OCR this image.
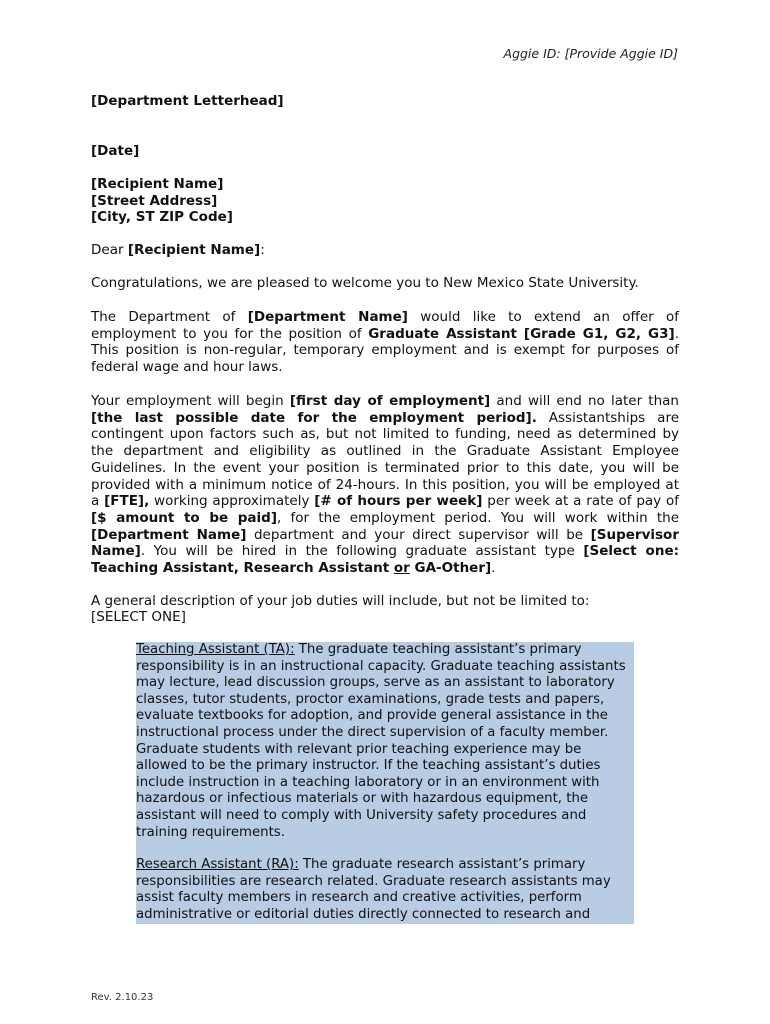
Aggie ID: [Provide Aggie ID]
[Department Letterhead]
[Date]
[Recipient Name]
[Street Address]
[City, ST ZIP Code]
Dear [Recipient Name]:
Congratulations, we are pleased to welcome you to New Mexico State University.
The Department of [Department Name] would like to extend an offer of employment to you for the position of Graduate Assistant [Grade G1, G2, G3]. This position is non-regular, temporary employment and is exempt for purposes of federal wage and hour laws.
Your employment will begin [first day of employment] and will end no later than [the last possible date for the employment period]. Assistantships are contingent upon factors such as, but not limited to funding, need as determined by the department and eligibility as outlined in the Graduate Assistant Employee Guidelines. In the event your position is terminated prior to this date, you will be provided with a minimum notice of 24-hours. In this position, you will be employed at a [FTE], working approximately [# of hours per week] per week at a rate of pay of [$ amount to be paid], for the employment period. You will work within the [Department Name] department and your direct supervisor will be [Supervisor Name]. You will be hired in the following graduate assistant type [Select one: Teaching Assistant, Research Assistant or GA-Other].
A general description of your job duties will include, but not be limited to:
[SELECT ONE]
Teaching Assistant (TA): The graduate teaching assistant’s primary responsibility is in an instructional capacity. Graduate teaching assistants may lecture, lead discussion groups, serve as an assistant to laboratory classes, tutor students, proctor examinations, grade tests and papers, evaluate textbooks for adoption, and provide general assistance in the instructional process under the direct supervision of a faculty member. Graduate students with relevant prior teaching experience may be allowed to be the primary instructor. If the teaching assistant’s duties include instruction in a teaching laboratory or in an environment with hazardous or infectious materials or with hazardous equipment, the assistant will need to comply with University safety procedures and training requirements.
Research Assistant (RA): The graduate research assistant’s primary responsibilities are research related. Graduate research assistants may assist faculty members in research and creative activities, perform administrative or editorial duties directly connected to research and
Rev. 2.10.23
